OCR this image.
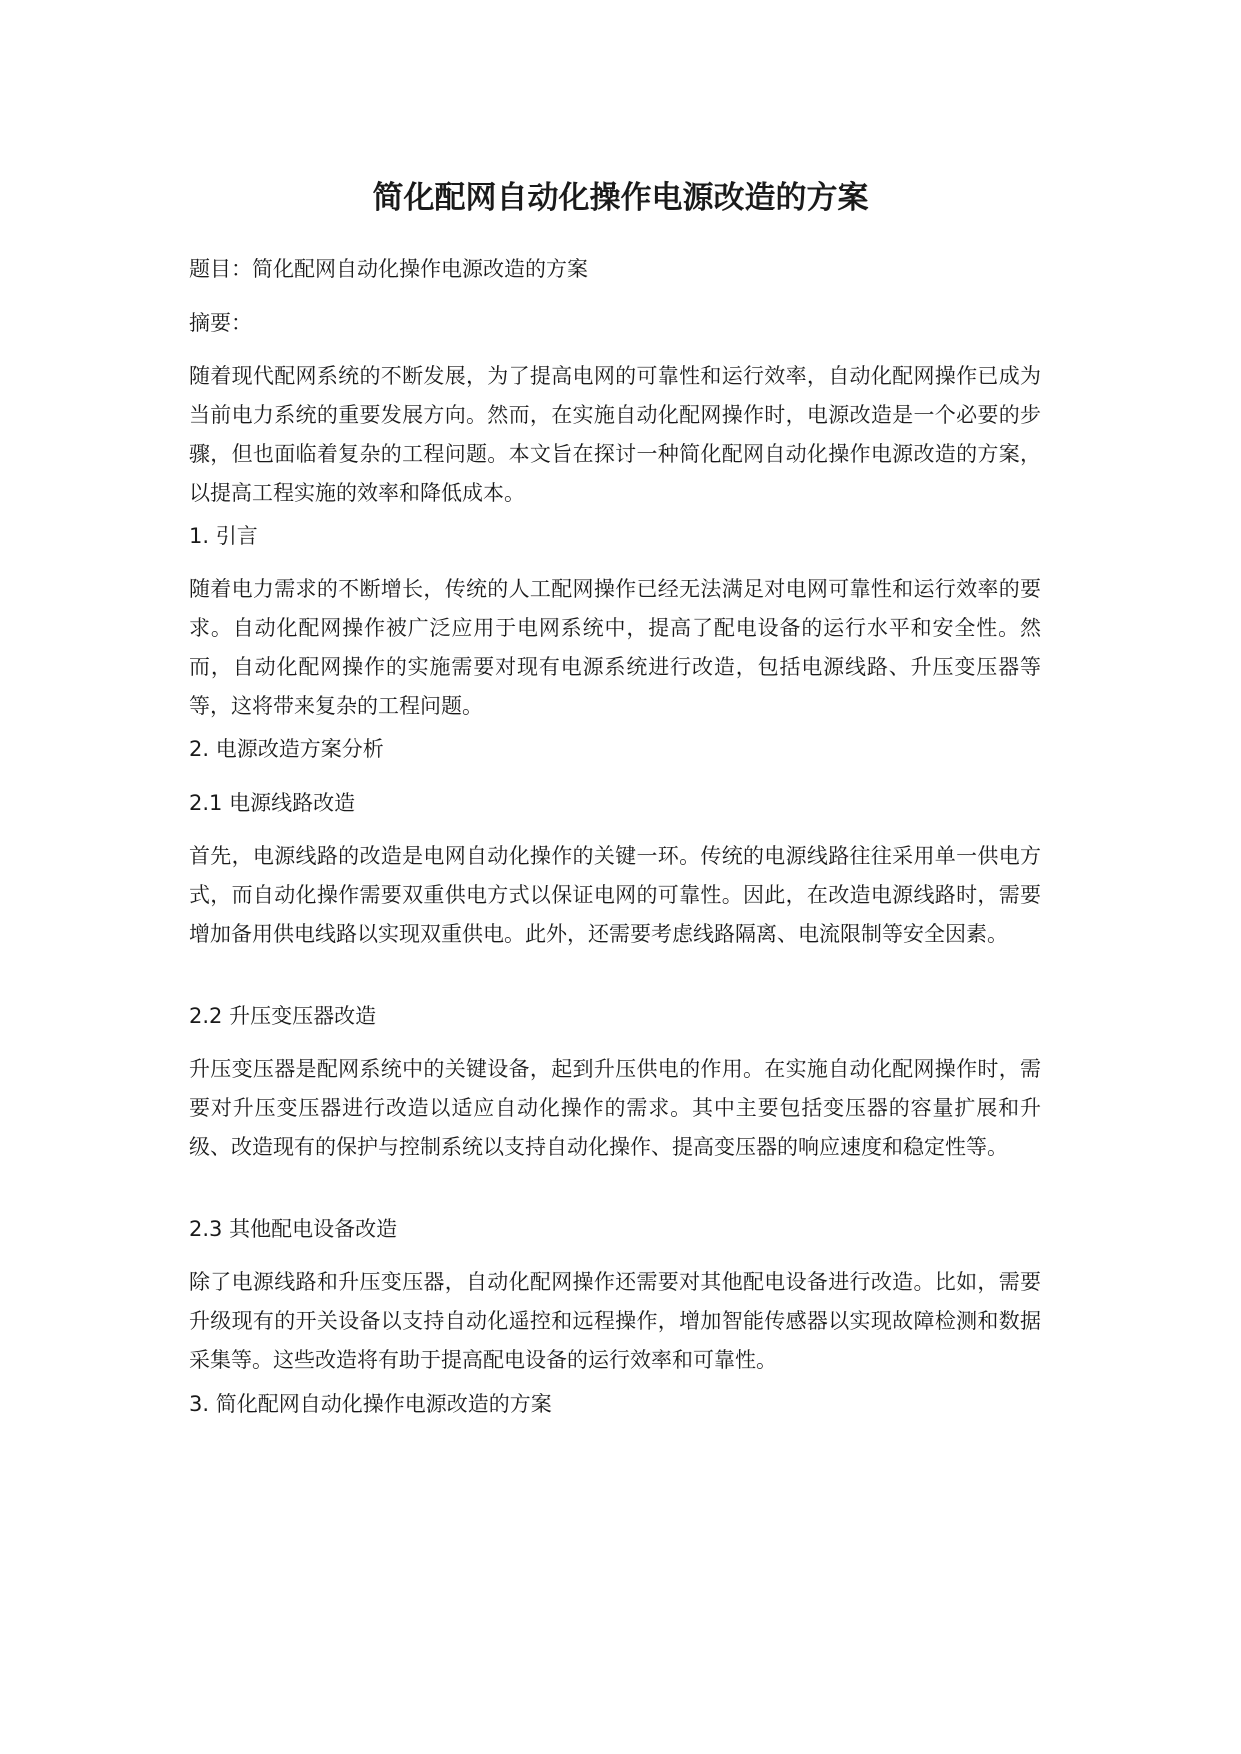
简化配网自动化操作电源改造的方案

题目：简化配网自动化操作电源改造的方案

摘要：

随着现代配网系统的不断发展，为了提高电网的可靠性和运行效率，自动化配网操作已成为当前电力系统的重要发展方向。然而，在实施自动化配网操作时，电源改造是一个必要的步骤，但也面临着复杂的工程问题。本文旨在探讨一种简化配网自动化操作电源改造的方案，以提高工程实施的效率和降低成本。

1. 引言

随着电力需求的不断增长，传统的人工配网操作已经无法满足对电网可靠性和运行效率的要求。自动化配网操作被广泛应用于电网系统中，提高了配电设备的运行水平和安全性。然而，自动化配网操作的实施需要对现有电源系统进行改造，包括电源线路、升压变压器等等，这将带来复杂的工程问题。

2. 电源改造方案分析

2.1 电源线路改造

首先，电源线路的改造是电网自动化操作的关键一环。传统的电源线路往往采用单一供电方式，而自动化操作需要双重供电方式以保证电网的可靠性。因此，在改造电源线路时，需要增加备用供电线路以实现双重供电。此外，还需要考虑线路隔离、电流限制等安全因素。

2.2 升压变压器改造

升压变压器是配网系统中的关键设备，起到升压供电的作用。在实施自动化配网操作时，需要对升压变压器进行改造以适应自动化操作的需求。其中主要包括变压器的容量扩展和升级、改造现有的保护与控制系统以支持自动化操作、提高变压器的响应速度和稳定性等。

2.3 其他配电设备改造

除了电源线路和升压变压器，自动化配网操作还需要对其他配电设备进行改造。比如，需要升级现有的开关设备以支持自动化遥控和远程操作，增加智能传感器以实现故障检测和数据采集等。这些改造将有助于提高配电设备的运行效率和可靠性。

3. 简化配网自动化操作电源改造的方案
